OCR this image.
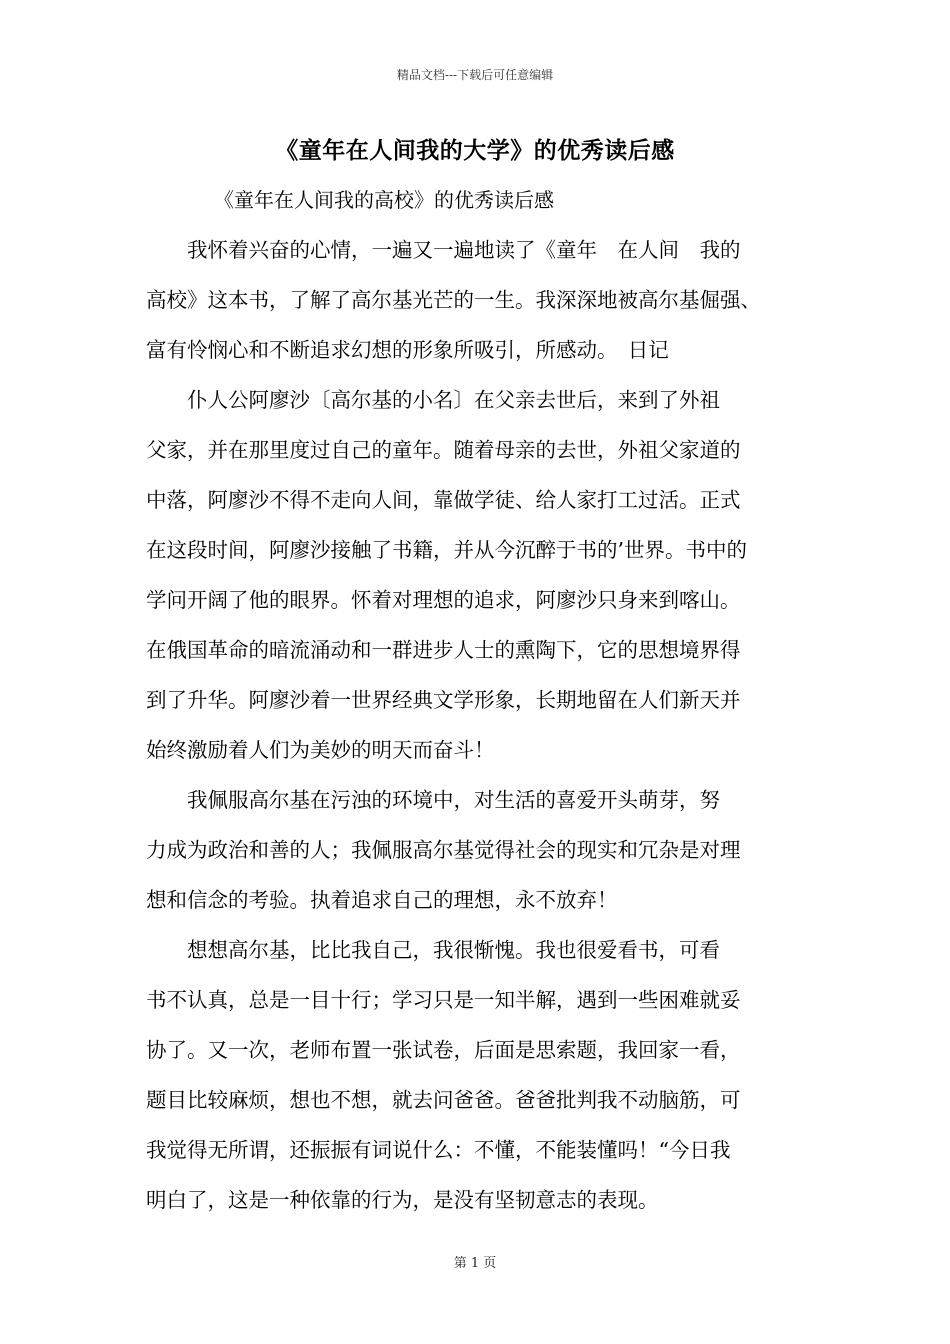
精品文档---下载后可任意编辑
《童年在人间我的大学》的优秀读后感
《童年在人间我的高校》的优秀读后感
　　我怀着兴奋的心情，一遍又一遍地读了《童年　在人间　我的
高校》这本书，了解了高尔基光芒的一生。我深深地被高尔基倔强、
富有怜悯心和不断追求幻想的形象所吸引，所感动。　日记
　　仆人公阿廖沙〔高尔基的小名〕在父亲去世后，来到了外祖
父家，并在那里度过自己的童年。随着母亲的去世，外祖父家道的
中落，阿廖沙不得不走向人间，靠做学徒、给人家打工过活。正式
在这段时间，阿廖沙接触了书籍，并从今沉醉于书的’世界。书中的
学问开阔了他的眼界。怀着对理想的追求，阿廖沙只身来到喀山。
在俄国革命的暗流涌动和一群进步人士的熏陶下，它的思想境界得
到了升华。阿廖沙着一世界经典文学形象，长期地留在人们新天并
始终激励着人们为美妙的明天而奋斗！
　　我佩服高尔基在污浊的环境中，对生活的喜爱开头萌芽，努
力成为政治和善的人；我佩服高尔基觉得社会的现实和冗杂是对理
想和信念的考验。执着追求自己的理想，永不放弃！
　　想想高尔基，比比我自己，我很惭愧。我也很爱看书，可看
书不认真，总是一目十行；学习只是一知半解，遇到一些困难就妥
协了。又一次，老师布置一张试卷，后面是思索题，我回家一看，
题目比较麻烦，想也不想，就去问爸爸。爸爸批判我不动脑筋，可
我觉得无所谓，还振振有词说什么：不懂，不能装懂吗！“今日我
明白了，这是一种依靠的行为，是没有坚韧意志的表现。
第 1 页
